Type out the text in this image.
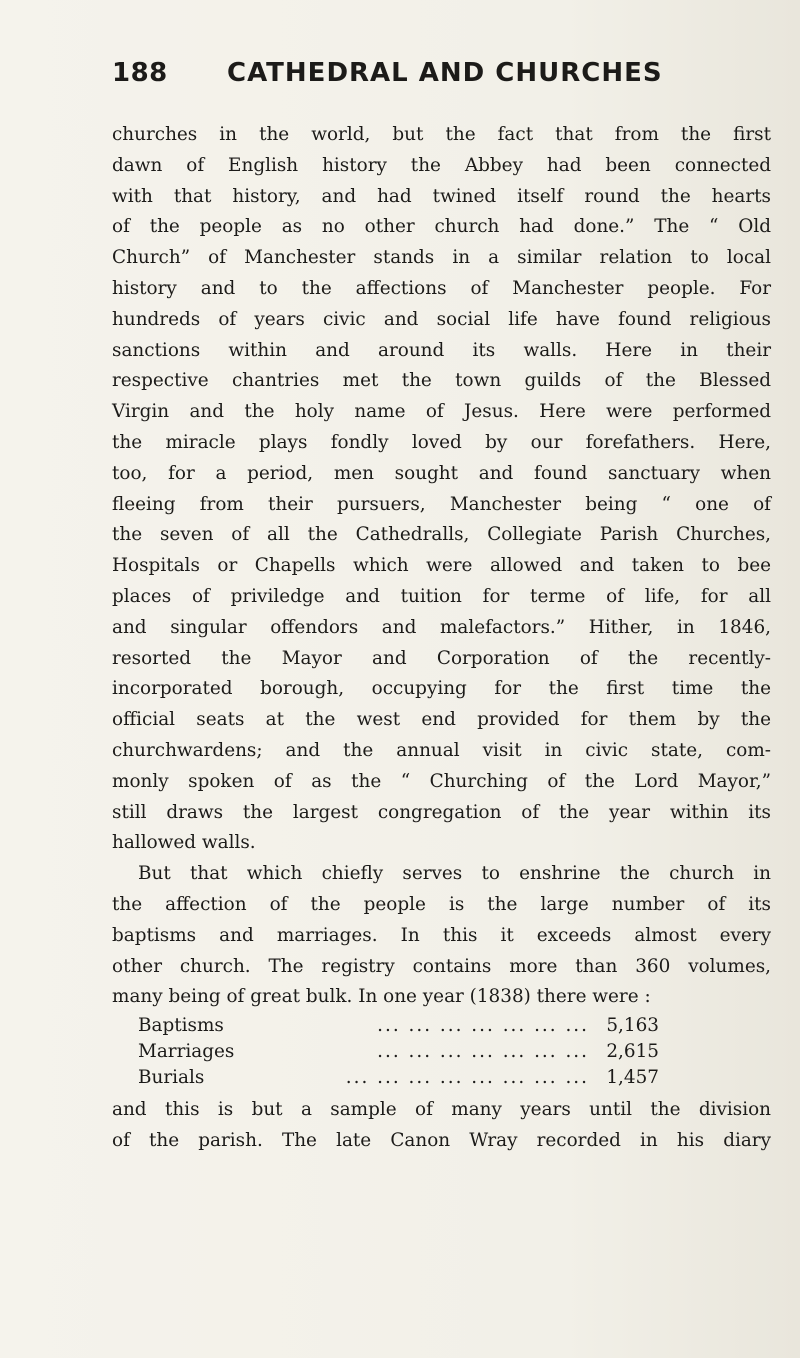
188 CATHEDRAL AND CHURCHES
churches in the world, but the fact that from the first
dawn of English history the Abbey had been connected
with that history, and had twined itself round the hearts
of the people as no other church had done.” The “ Old
Church” of Manchester stands in a similar relation to local
history and to the affections of Manchester people. For
hundreds of years civic and social life have found religious
sanctions within and around its walls. Here in their
respective chantries met the town guilds of the Blessed
Virgin and the holy name of Jesus. Here were performed
the miracle plays fondly loved by our forefathers. Here,
too, for a period, men sought and found sanctuary when
fleeing from their pursuers, Manchester being “ one of
the seven of all the Cathedralls, Collegiate Parish Churches,
Hospitals or Chapells which were allowed and taken to bee
places of priviledge and tuition for terme of life, for all
and singular offendors and malefactors.” Hither, in 1846,
resorted the Mayor and Corporation of the recently-
incorporated borough, occupying for the first time the
official seats at the west end provided for them by the
churchwardens; and the annual visit in civic state, com-
monly spoken of as the “ Churching of the Lord Mayor,”
still draws the largest congregation of the year within its
hallowed walls.
But that which chiefly serves to enshrine the church in
the affection of the people is the large number of its
baptisms and marriages. In this it exceeds almost every
other church. The registry contains more than 360 volumes,
many being of great bulk. In one year (1838) there were :
Baptisms	... ... ... ... ... ... ... 5,163
Marriages	... ... ... ... ... ... ... 2,615
Burials	... ... ... ... ... ... ... ... 1,457
and this is but a sample of many years until the division
of the parish. The late Canon Wray recorded in his diary
